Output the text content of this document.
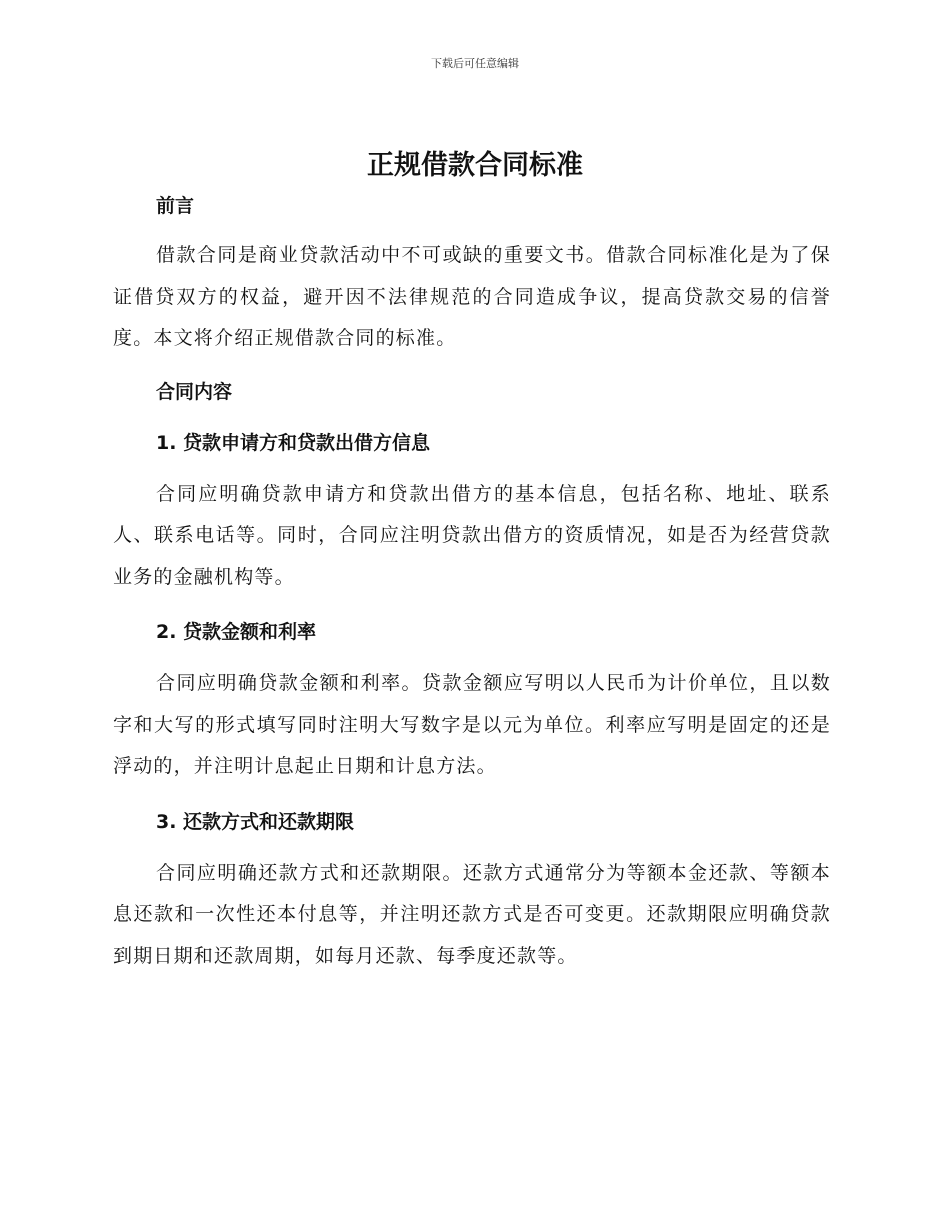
下载后可任意编辑
正规借款合同标准

前言

借款合同是商业贷款活动中不可或缺的重要文书。借款合同标准化是为了保证借贷双方的权益，避开因不法律规范的合同造成争议，提高贷款交易的信誉度。本文将介绍正规借款合同的标准。

合同内容

1. 贷款申请方和贷款出借方信息

合同应明确贷款申请方和贷款出借方的基本信息，包括名称、地址、联系人、联系电话等。同时，合同应注明贷款出借方的资质情况，如是否为经营贷款业务的金融机构等。

2. 贷款金额和利率

合同应明确贷款金额和利率。贷款金额应写明以人民币为计价单位，且以数字和大写的形式填写同时注明大写数字是以元为单位。利率应写明是固定的还是浮动的，并注明计息起止日期和计息方法。

3. 还款方式和还款期限

合同应明确还款方式和还款期限。还款方式通常分为等额本金还款、等额本息还款和一次性还本付息等，并注明还款方式是否可变更。还款期限应明确贷款到期日期和还款周期，如每月还款、每季度还款等。
